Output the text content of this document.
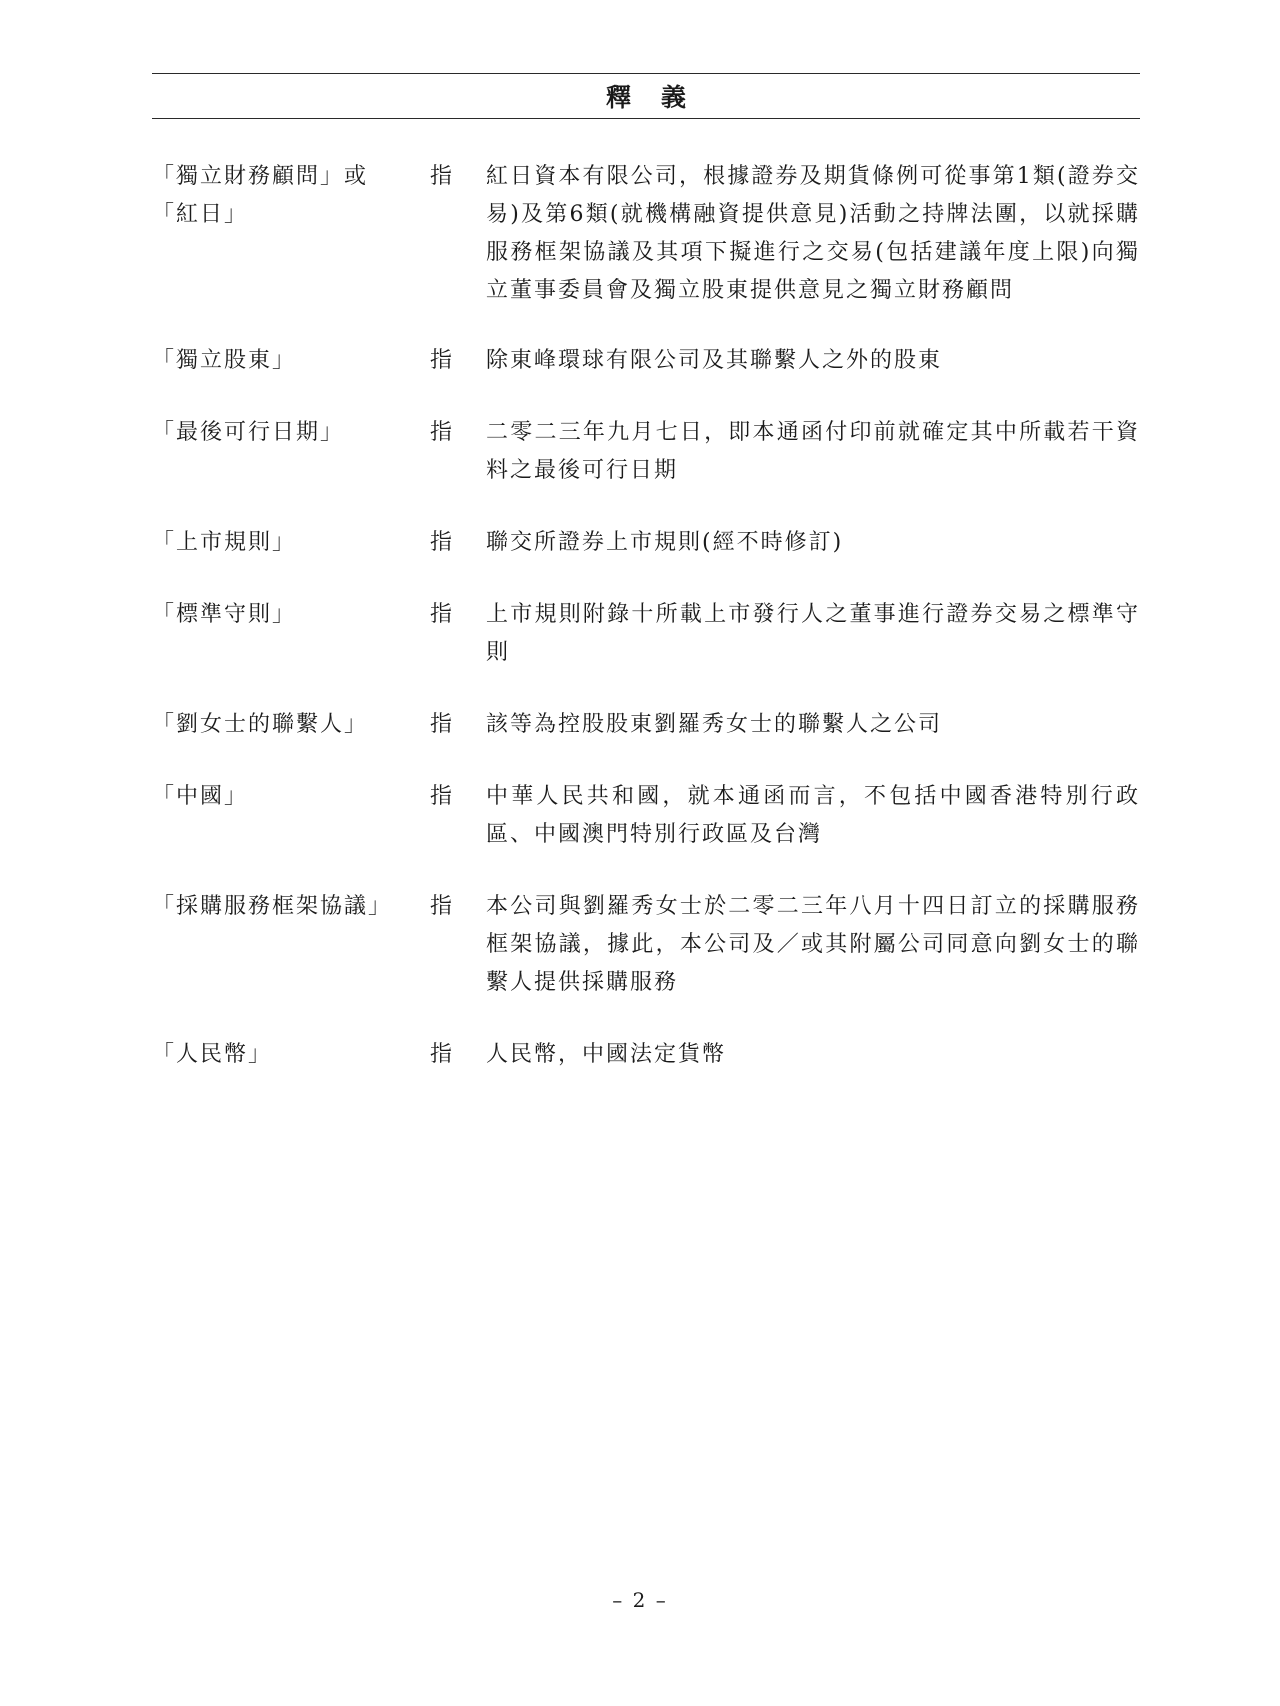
釋義
「獨立財務顧問」或
「紅日」
指	紅日資本有限公司，根據證券及期貨條例可從事第1類(證券交易)及第6類(就機構融資提供意見)活動之持牌法團，以就採購服務框架協議及其項下擬進行之交易(包括建議年度上限)向獨立董事委員會及獨立股東提供意見之獨立財務顧問
「獨立股東」	指	除東峰環球有限公司及其聯繫人之外的股東
「最後可行日期」	指	二零二三年九月七日，即本通函付印前就確定其中所載若干資料之最後可行日期
「上市規則」	指	聯交所證券上市規則(經不時修訂)
「標準守則」	指	上市規則附錄十所載上市發行人之董事進行證券交易之標準守則
「劉女士的聯繫人」	指	該等為控股股東劉羅秀女士的聯繫人之公司
「中國」	指	中華人民共和國，就本通函而言，不包括中國香港特別行政區、中國澳門特別行政區及台灣
「採購服務框架協議」	指	本公司與劉羅秀女士於二零二三年八月十四日訂立的採購服務框架協議，據此，本公司及／或其附屬公司同意向劉女士的聯繫人提供採購服務
「人民幣」	指	人民幣，中國法定貨幣
– 2 –
